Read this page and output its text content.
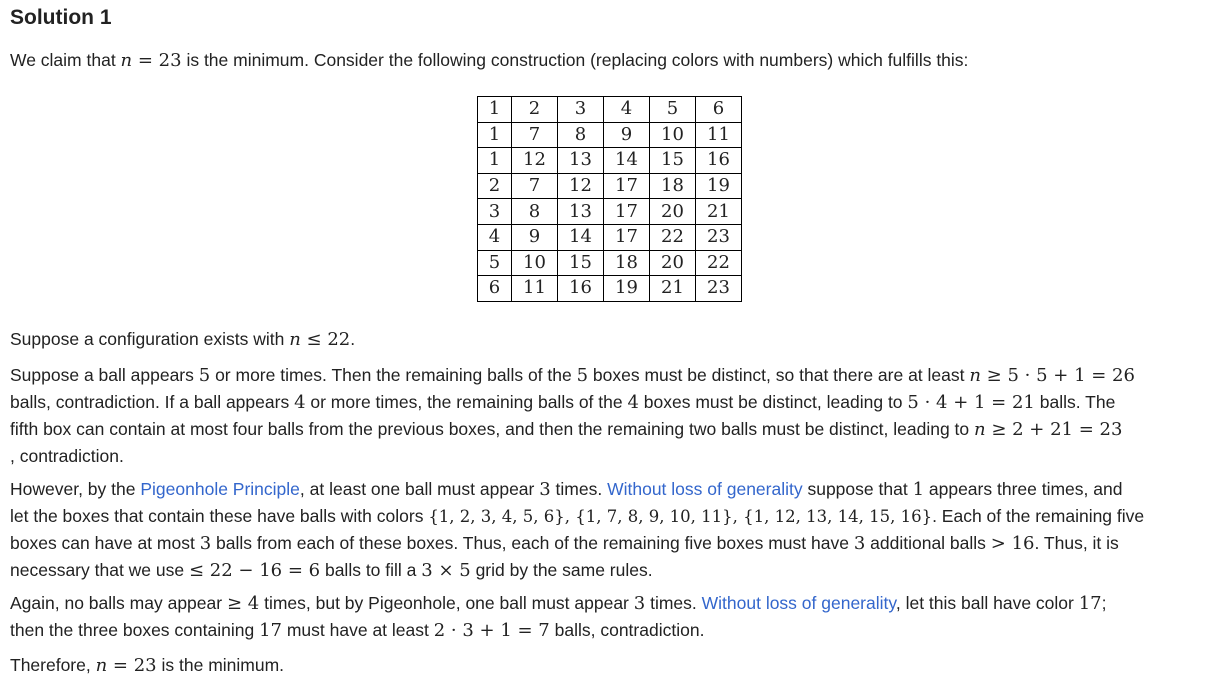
Solution 1

We claim that n = 23 is the minimum. Consider the following construction (replacing colors with numbers) which fulfills this:

1	2	3	4	5	6
1	7	8	9	10	11
1	12	13	14	15	16
2	7	12	17	18	19
3	8	13	17	20	21
4	9	14	17	22	23
5	10	15	18	20	22
6	11	16	19	21	23

Suppose a configuration exists with n ≤ 22.

Suppose a ball appears 5 or more times. Then the remaining balls of the 5 boxes must be distinct, so that there are at least n ≥ 5 · 5 + 1 = 26
balls, contradiction. If a ball appears 4 or more times, the remaining balls of the 4 boxes must be distinct, leading to 5 · 4 + 1 = 21 balls. The
fifth box can contain at most four balls from the previous boxes, and then the remaining two balls must be distinct, leading to n ≥ 2 + 21 = 23
, contradiction.

However, by the Pigeonhole Principle, at least one ball must appear 3 times. Without loss of generality suppose that 1 appears three times, and
let the boxes that contain these have balls with colors {1, 2, 3, 4, 5, 6}, {1, 7, 8, 9, 10, 11}, {1, 12, 13, 14, 15, 16}. Each of the remaining five
boxes can have at most 3 balls from each of these boxes. Thus, each of the remaining five boxes must have 3 additional balls > 16. Thus, it is
necessary that we use ≤ 22 − 16 = 6 balls to fill a 3 × 5 grid by the same rules.

Again, no balls may appear ≥ 4 times, but by Pigeonhole, one ball must appear 3 times. Without loss of generality, let this ball have color 17;
then the three boxes containing 17 must have at least 2 · 3 + 1 = 7 balls, contradiction.

Therefore, n = 23 is the minimum.
